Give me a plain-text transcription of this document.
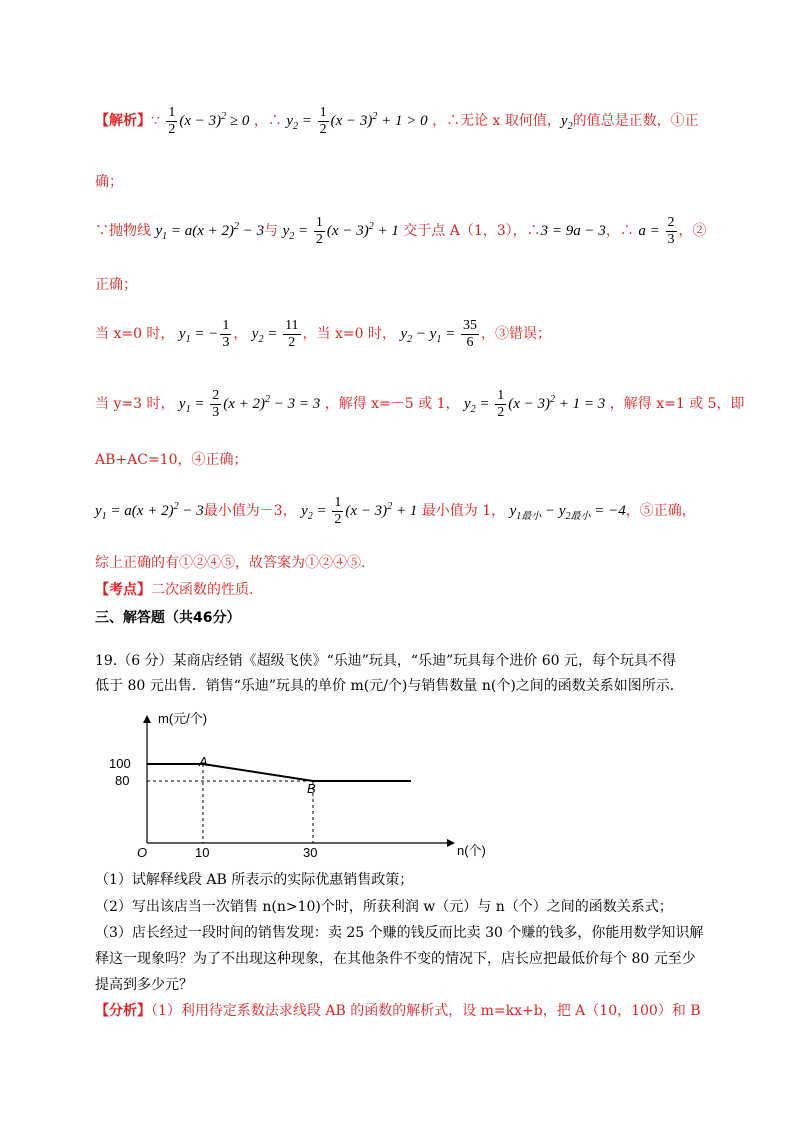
【解析】∵ $\frac{1}{2} (x - 3)^2 \ge 0$ ，∴ $y_2 = \frac{1}{2} (x - 3)^2 + 1 > 0$ ，∴无论 x 取何值，$y_2$的值总是正数，①正
确；
∵抛物线 $y_1 = a(x + 2)^2 - 3$与 $y_2 = \frac{1}{2} (x - 3)^2 + 1$ 交于点 A（1，3），∴3 = 9a − 3，∴ $a = \frac{2}{3}$ ，②
正确；
当 x=0 时， $y_1$ = − $\frac{1}{3}$ ， $y_2 = \frac{11}{2}$ ，当 x=0 时， $y_2 - y_1 = \frac{35}{6}$ ，③错误；
当 y=3 时， $y_1 = \frac{2}{3} (x + 2)^2 - 3 = 3$ ，解得 x=－5 或 1， $y_2 = \frac{1}{2} (x - 3)^2 + 1 = 3$ ，解得 x=1 或 5，即
AB+AC=10，④正确；
$y_1 = a(x + 2)^2 - 3$最小值为－3， $y_2 = \frac{1}{2} (x - 3)^2 + 1$ 最小值为 1， $y_{1最小} - y_{2最小} = -4$，⑤正确，
综上正确的有①②④⑤，故答案为①②④⑤.
【考点】二次函数的性质.
三、解答题（共46分）
19.（6 分）某商店经销《超级飞侠》“乐迪”玩具，“乐迪”玩具每个进价 60 元，每个玩具不得
低于 80 元出售．销售“乐迪”玩具的单价 m(元/个)与销售数量 n(个)之间的函数关系如图所示．
m(元/个)
n(个)
O
100
80
10	30
A
B
（1）试解释线段 AB 所表示的实际优惠销售政策；
（2）写出该店当一次销售 n(n>10)个时，所获利润 w（元）与 n（个）之间的函数关系式；
（3）店长经过一段时间的销售发现：卖 25 个赚的钱反而比卖 30 个赚的钱多，你能用数学知识解
释这一现象吗？为了不出现这种现象，在其他条件不变的情况下，店长应把最低价每个 80 元至少
提高到多少元？
【分析】（1）利用待定系数法求线段 AB 的函数的解析式，设 m=kx+b，把 A（10，100）和 B
